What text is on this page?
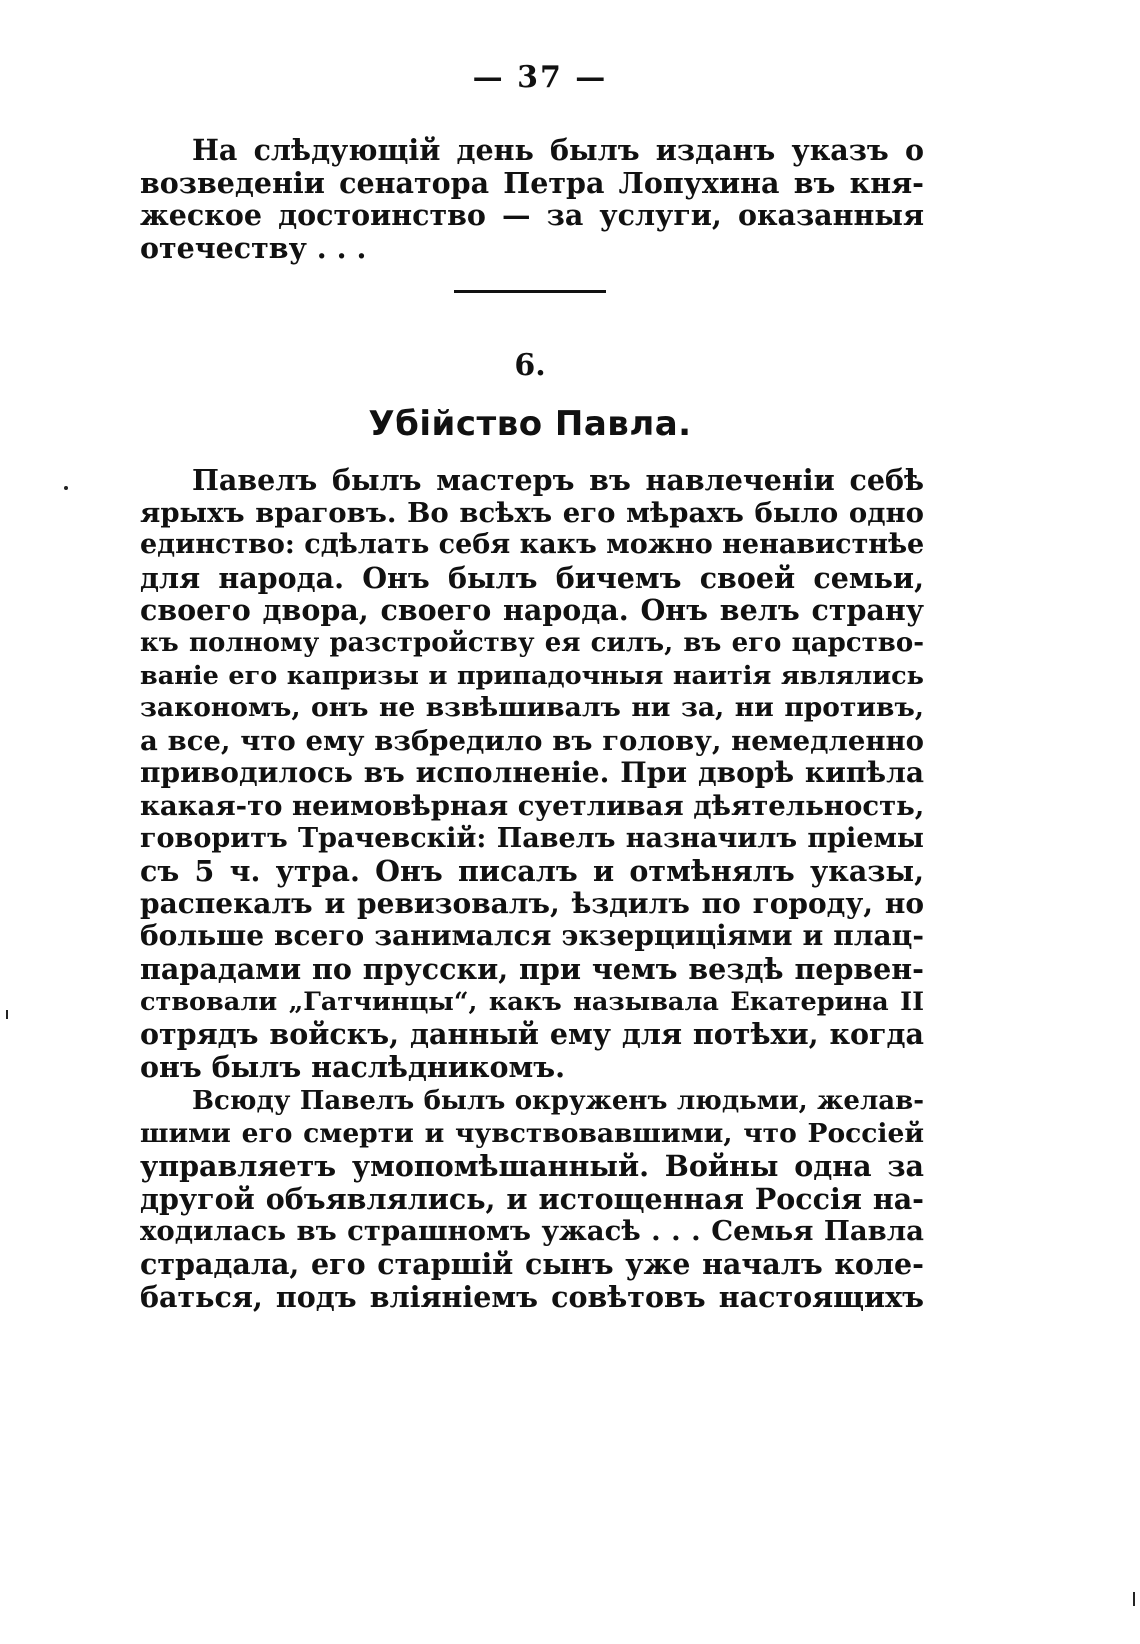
— 37 —
На слѣдующій день былъ изданъ указъ о
возведеніи сенатора Петра Лопухина въ кня-
жеское достоинство — за услуги, оказанныя
отечеству . . .
6.
Убійство Павла.
Павелъ былъ мастеръ въ навлеченіи себѣ
ярыхъ враговъ. Во всѣхъ его мѣрахъ было одно
единство: сдѣлать себя какъ можно ненавистнѣе
для народа. Онъ былъ бичемъ своей семьи,
своего двора, своего народа. Онъ велъ страну
къ полному разстройству ея силъ, въ его царство-
ваніе его капризы и припадочныя наитія являлись
закономъ, онъ не взвѣшивалъ ни за, ни противъ,
а все, что ему взбредило въ голову, немедленно
приводилось въ исполненіе. При дворѣ кипѣла
какая-то неимовѣрная суетливая дѣятельность,
говоритъ Трачевскій: Павелъ назначилъ пріемы
съ 5 ч. утра. Онъ писалъ и отмѣнялъ указы,
распекалъ и ревизовалъ, ѣздилъ по городу, но
больше всего занимался экзерциціями и плац-
парадами по прусски, при чемъ вездѣ первен-
ствовали „Гатчинцы“, какъ называла Екатерина II
отрядъ войскъ, данный ему для потѣхи, когда
онъ былъ наслѣдникомъ.
Всюду Павелъ былъ окруженъ людьми, желав-
шими его смерти и чувствовавшими, что Россіей
управляетъ умопомѣшанный. Войны одна за
другой объявлялись, и истощенная Россія на-
ходилась въ страшномъ ужасѣ . . . Семья Павла
страдала, его старшій сынъ уже началъ коле-
баться, подъ вліяніемъ совѣтовъ настоящихъ
